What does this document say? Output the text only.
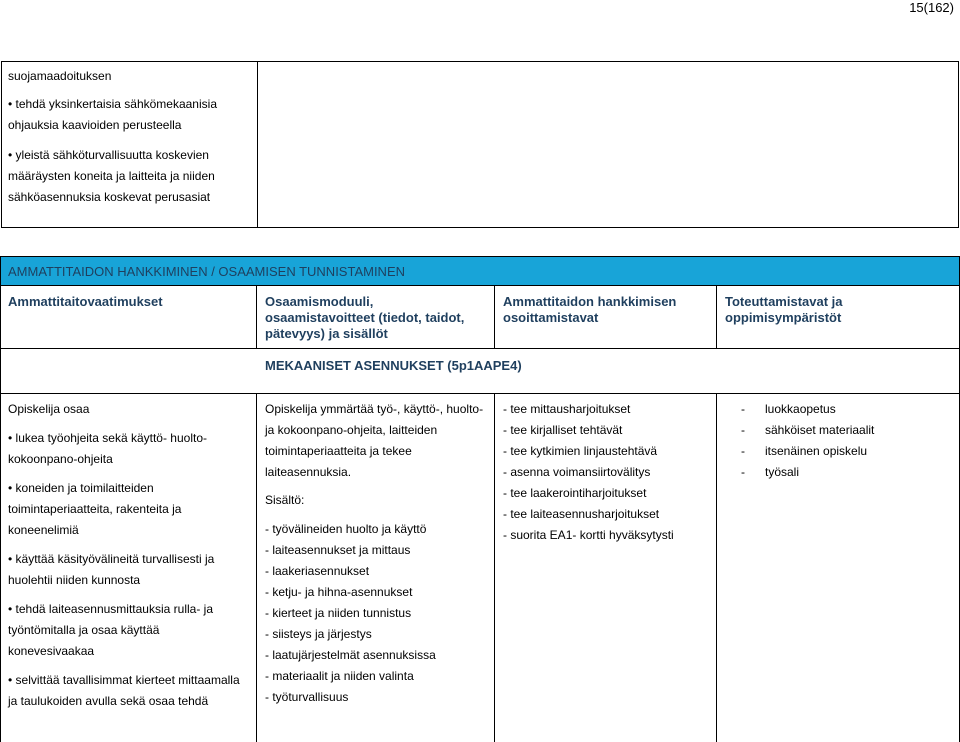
15(162)
suojamaadoituksen
• tehdä yksinkertaisia sähkömekaanisia
ohjauksia kaavioiden perusteella
• yleistä sähköturvallisuutta koskevien
määräysten koneita ja laitteita ja niiden
sähköasennuksia koskevat perusasiat
AMMATTITAIDON HANKKIMINEN / OSAAMISEN TUNNISTAMINEN
Ammattitaitovaatimukset	Osaamismoduuli,
osaamistavoitteet (tiedot, taidot,
pätevyys) ja sisällöt
Ammattitaidon hankkimisen
osoittamistavat
Toteuttamistavat ja
oppimisympäristöt
MEKAANISET ASENNUKSET (5p1AAPE4)
Opiskelija osaa
• lukea työohjeita sekä käyttö- huolto-
kokoonpano-ohjeita
• koneiden ja toimilaitteiden
toimintaperiaatteita, rakenteita ja
koneenelimiä
• käyttää käsityövälineitä turvallisesti ja
huolehtii niiden kunnosta
• tehdä laiteasennusmittauksia rulla- ja
työntömitalla ja osaa käyttää
konevesivaakaa
• selvittää tavallisimmat kierteet mittaamalla
ja taulukoiden avulla sekä osaa tehdä
Opiskelija ymmärtää työ-, käyttö-, huolto-
ja kokoonpano-ohjeita, laitteiden
toimintaperiaatteita ja tekee
laiteasennuksia.
Sisältö:
- työvälineiden huolto ja käyttö
- laiteasennukset ja mittaus
- laakeriasennukset
- ketju- ja hihna-asennukset
- kierteet ja niiden tunnistus
- siisteys ja järjestys
- laatujärjestelmät asennuksissa
- materiaalit ja niiden valinta
- työturvallisuus
- tee mittausharjoitukset
- tee kirjalliset tehtävät
- tee kytkimien linjaustehtävä
- asenna voimansiirtovälitys
- tee laakerointiharjoitukset
- tee laiteasennusharjoitukset
- suorita EA1- kortti hyväksytysti
-      luokkaopetus
-      sähköiset materiaalit
-      itsenäinen opiskelu
-      työsali
